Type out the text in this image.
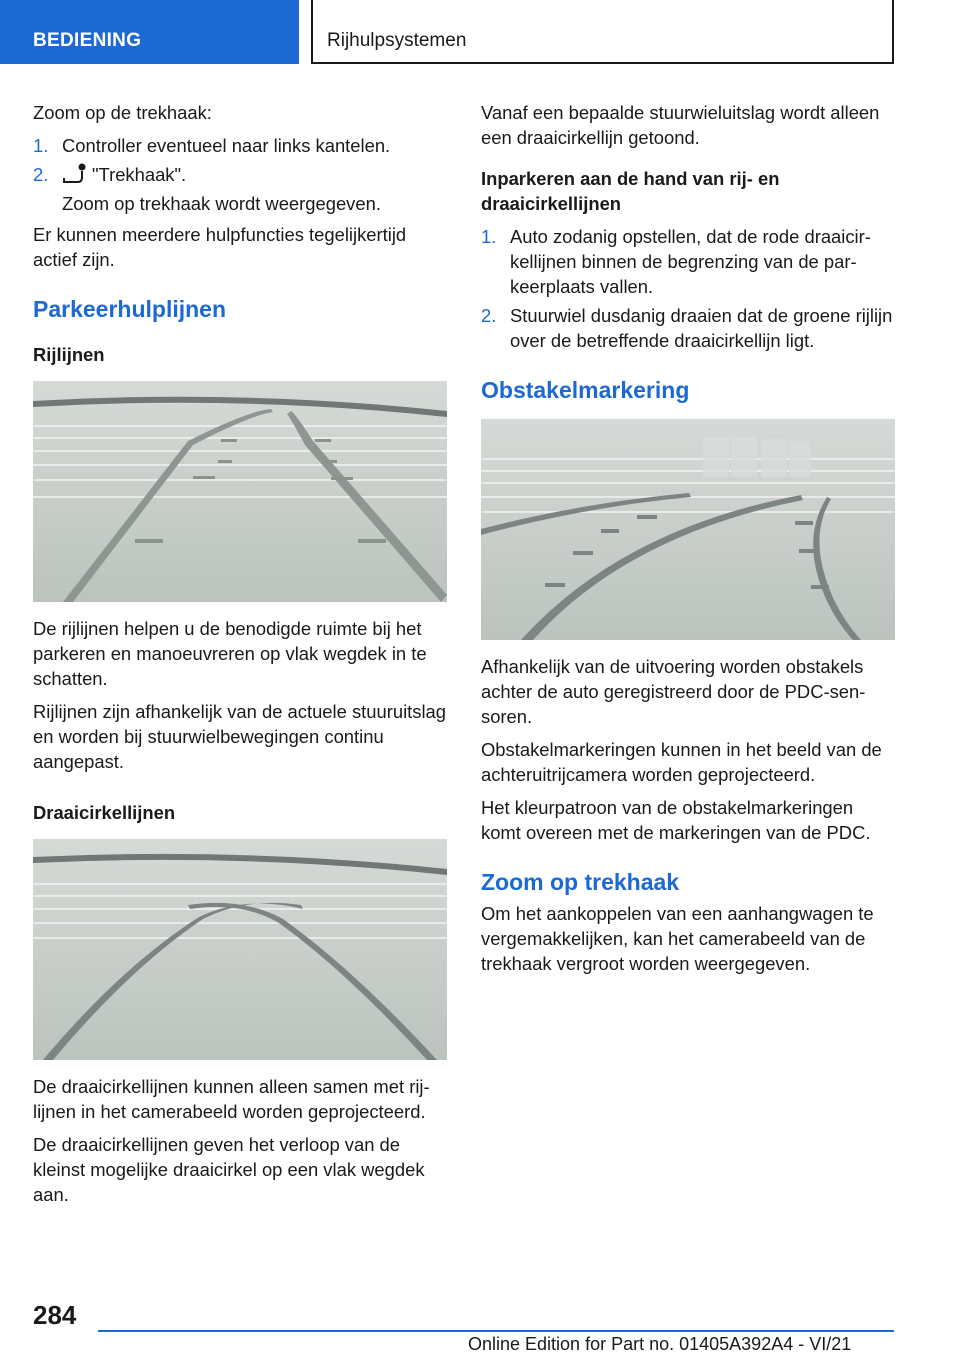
BEDIENING	Rijhulpsystemen

Zoom op de trekhaak:

1. Controller eventueel naar links kantelen.
2. "Trekhaak".
Zoom op trekhaak wordt weergegeven.

Er kunnen meerdere hulpfuncties tegelijkertijd actief zijn.

Parkeerhulplijnen
Rijlijnen

De rijlijnen helpen u de benodigde ruimte bij het parkeren en manoeuvreren op vlak wegdek in te schatten.

Rijlijnen zijn afhankelijk van de actuele stuuruitslag en worden bij stuurwielbewegingen continu aangepast.

Draaicirkellijnen

De draaicirkellijnen kunnen alleen samen met rijlijnen in het camerabeeld worden geprojecteerd.

De draaicirkellijnen geven het verloop van de kleinst mogelijke draaicirkel op een vlak wegdek aan.

Vanaf een bepaalde stuurwieluitslag wordt alleen een draaicirkellijn getoond.

Inparkeren aan de hand van rij- en draaicirkellijnen
1. Auto zodanig opstellen, dat de rode draaicirkellijnen binnen de begrenzing van de parkeerplaats vallen.
2. Stuurwiel dusdanig draaien dat de groene rijlijn over de betreffende draaicirkellijn ligt.
Obstakelmarkering

Afhankelijk van de uitvoering worden obstakels achter de auto geregistreerd door de PDC-sensoren.

Obstakelmarkeringen kunnen in het beeld van de achteruitrijcamera worden geprojecteerd.

Het kleurpatroon van de obstakelmarkeringen komt overeen met de markeringen van de PDC.

Zoom op trekhaak

Om het aankoppelen van een aanhangwagen te vergemakkelijken, kan het camerabeeld van de trekhaak vergroot worden weergegeven.

284
Online Edition for Part no. 01405A392A4 - VI/21
